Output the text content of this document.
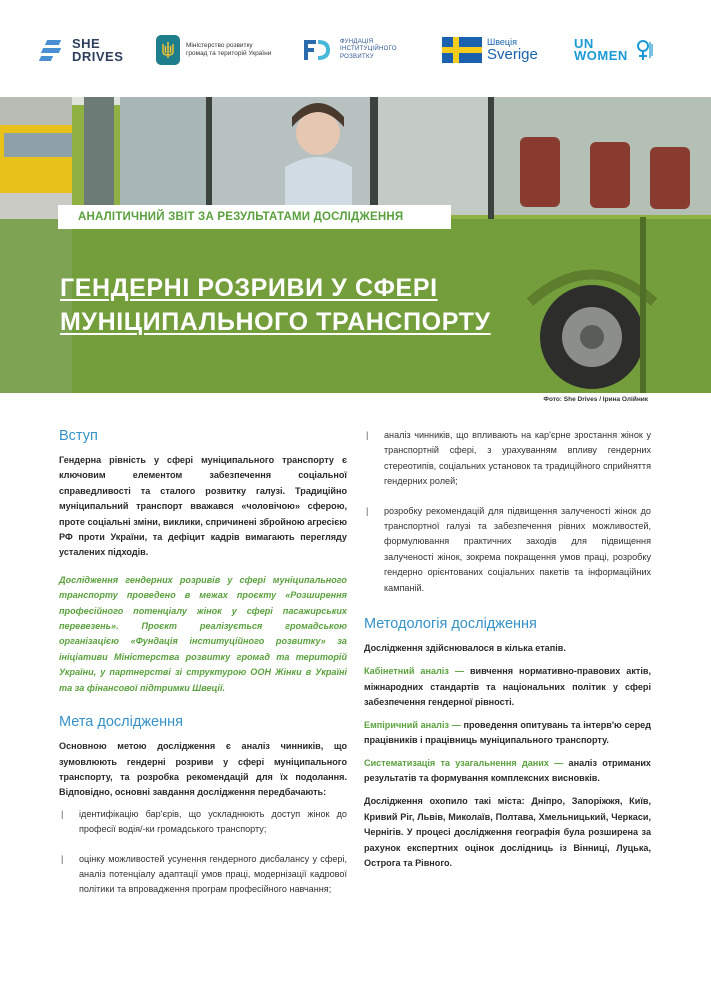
SHE
DRIVES
Міністерство розвитку громад та територій України
ФУНДАЦІЯ ІНСТИТУЦІЙНОГО РОЗВИТКУ
Швеція
Sverige
UN
WOMEN
АНАЛІТИЧНИЙ ЗВІТ ЗА РЕЗУЛЬТАТАМИ ДОСЛІДЖЕННЯ
ГЕНДЕРНІ РОЗРИВИ У СФЕРІ
МУНІЦИПАЛЬНОГО ТРАНСПОРТУ
Фото: She Drives / Ірина Олійник
Вступ

Гендерна рівність у сфері муніципального транспорту є ключовим елементом забезпечення соціальної справедливості та сталого розвитку галузі. Традиційно муніципальний транспорт вважався «чоловічою» сферою, проте соціальні зміни, виклики, спричинені збройною агресією РФ проти України, та дефіцит кадрів вимагають перегляду усталених підходів.

Дослідження гендерних розривів у сфері муніципального транспорту проведено в межах проєкту «Розширення професійного потенціалу жінок у сфері пасажирських перевезень». Проєкт реалізується громадською організацією «Фундація інституційного розвитку» за ініціативи Міністерства розвитку громад та територій України, у партнерстві зі структурою ООН Жінки в Україні та за фінансової підтримки Швеції.

Мета дослідження

Основною метою дослідження є аналіз чинників, що зумовлюють гендерні розриви у сфері муніципального транспорту, та розробка рекомендацій для їх подолання. Відповідно, основні завдання дослідження передбачають:

| ідентифікацію бар'єрів, що ускладнюють доступ жінок до професії водія/-ки громадського транспорту;
| оцінку можливостей усунення гендерного дисбалансу у сфері, аналіз потенціалу адаптації умов праці, модернізації кадрової політики та впровадження програм професійного навчання;
| аналіз чинників, що впливають на кар'єрне зростання жінок у транспортній сфері, з урахуванням впливу гендерних стереотипів, соціальних установок та традиційного сприйняття гендерних ролей;
| розробку рекомендацій для підвищення залученості жінок до транспортної галузі та забезпечення рівних можливостей, формулювання практичних заходів для підвищення залученості жінок, зокрема покращення умов праці, розробку гендерно орієнтованих соціальних пакетів та інформаційних кампаній.
Методологія дослідження
Дослідження здійснювалося в кілька етапів.
Кабінетний аналіз — вивчення нормативно-правових актів, міжнародних стандартів та національних політик у сфері забезпечення гендерної рівності.
Емпіричний аналіз — проведення опитувань та інтерв'ю серед працівників і працівниць муніципального транспорту.
Систематизація та узагальнення даних — аналіз отриманих результатів та формування комплексних висновків.
Дослідження охопило такі міста: Дніпро, Запоріжжя, Київ, Кривий Ріг, Львів, Миколаїв, Полтава, Хмельницький, Черкаси, Чернігів. У процесі дослідження географія була розширена за рахунок експертних оцінок дослідниць із Вінниці, Луцька, Острога та Рівного.
